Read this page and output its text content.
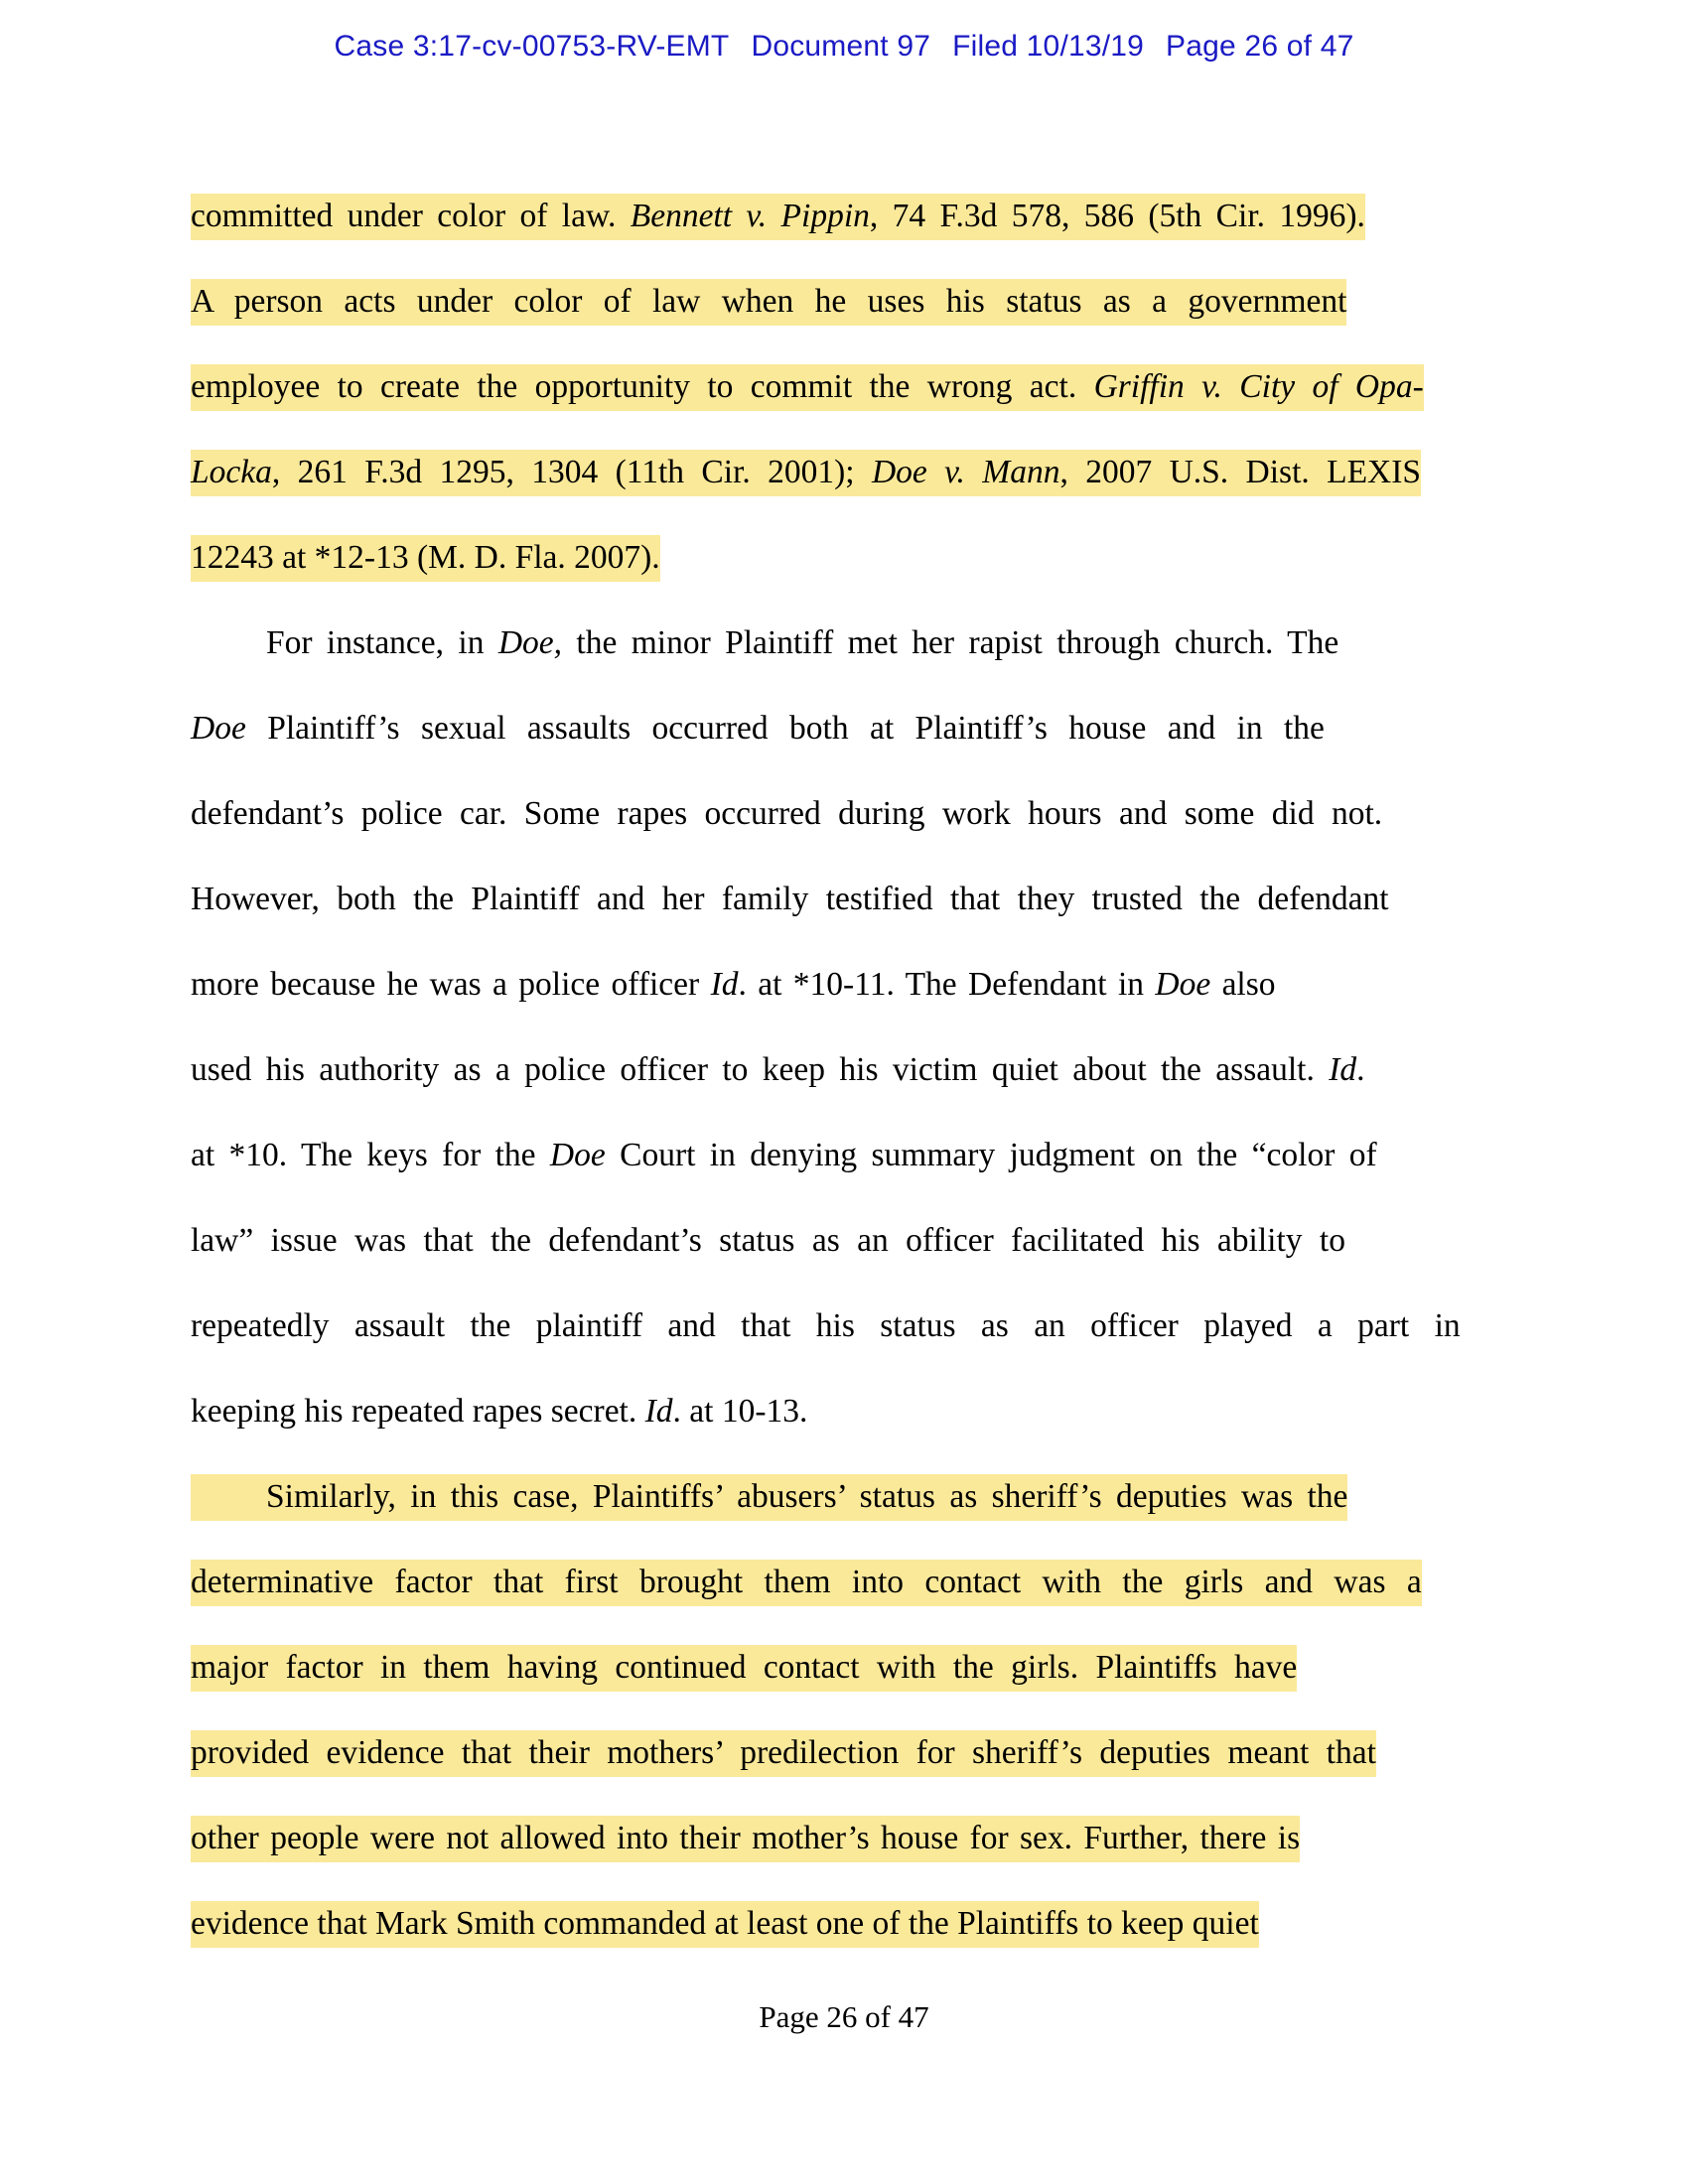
Case 3:17-cv-00753-RV-EMT Document 97 Filed 10/13/19 Page 26 of 47
committed under color of law. Bennett v. Pippin, 74 F.3d 578, 586 (5th Cir. 1996).
A person acts under color of law when he uses his status as a government
employee to create the opportunity to commit the wrong act. Griffin v. City of Opa-
Locka, 261 F.3d 1295, 1304 (11th Cir. 2001); Doe v. Mann, 2007 U.S. Dist. LEXIS
12243 at *12-13 (M. D. Fla. 2007).
For instance, in Doe, the minor Plaintiff met her rapist through church. The
Doe Plaintiff’s sexual assaults occurred both at Plaintiff’s house and in the
defendant’s police car. Some rapes occurred during work hours and some did not.
However, both the Plaintiff and her family testified that they trusted the defendant
more because he was a police officer Id. at *10-11. The Defendant in Doe also
used his authority as a police officer to keep his victim quiet about the assault. Id.
at *10. The keys for the Doe Court in denying summary judgment on the “color of
law” issue was that the defendant’s status as an officer facilitated his ability to
repeatedly assault the plaintiff and that his status as an officer played a part in
keeping his repeated rapes secret. Id. at 10-13.
Similarly, in this case, Plaintiffs’ abusers’ status as sheriff’s deputies was the
determinative factor that first brought them into contact with the girls and was a
major factor in them having continued contact with the girls. Plaintiffs have
provided evidence that their mothers’ predilection for sheriff’s deputies meant that
other people were not allowed into their mother’s house for sex. Further, there is
evidence that Mark Smith commanded at least one of the Plaintiffs to keep quiet
Page 26 of 47
